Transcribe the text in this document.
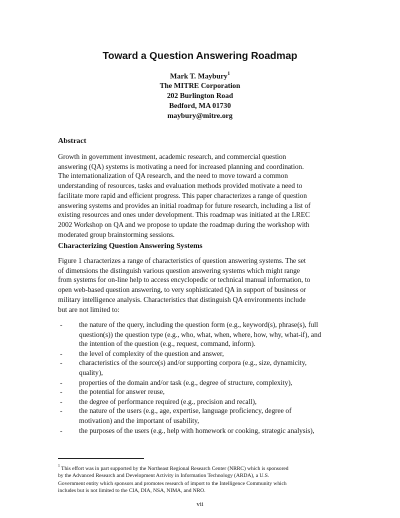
Toward a Question Answering Roadmap
Mark T. Maybury$^1$
The MITRE Corporation
202 Burlington Road
Bedford, MA 01730
maybury@mitre.org
Abstract
Growth in government investment, academic research, and commercial question
answering (QA) systems is motivating a need for increased planning and coordination.
The internationalization of QA research, and the need to move toward a common
understanding of resources, tasks and evaluation methods provided motivate a need to
facilitate more rapid and efficient progress. This paper characterizes a range of question
answering systems and provides an initial roadmap for future research, including a list of
existing resources and ones under development. This roadmap was initiated at the LREC
2002 Workshop on QA and we propose to update the roadmap during the workshop with
moderated group brainstorming sessions.
Characterizing Question Answering Systems
Figure 1 characterizes a range of characteristics of question answering systems. The set
of dimensions the distinguish various question answering systems which might range
from systems for on-line help to access encyclopedic or technical manual information, to
open web-based question answering, to very sophisticated QA in support of business or
military intelligence analysis. Characteristics that distinguish QA environments include
but are not limited to:
- the nature of the query, including the question form (e.g., keyword(s), phrase(s), full
question(s)) the question type (e.g., who, what, when, where, how, why, what-if), and
the intention of the question (e.g., request, command, inform).
- the level of complexity of the question and answer,
- characteristics of the source(s) and/or supporting corpora (e.g., size, dynamicity,
quality),
- properties of the domain and/or task (e.g., degree of structure, complexity),
- the potential for answer reuse,
- the degree of performance required (e.g., precision and recall),
- the nature of the users (e.g., age, expertise, language proficiency, degree of
motivation) and the important of usability,
- the purposes of the users (e.g., help with homework or cooking, strategic analysis),
$^1$ This effort was in part supported by the Northeast Regional Research Center (NRRC) which is sponsored
by the Advanced Research and Development Activity in Information Technology (ARDA), a U.S.
Government entity which sponsors and promotes research of import to the Intelligence Community which
includes but is not limited to the CIA, DIA, NSA, NIMA, and NRO.
vii
